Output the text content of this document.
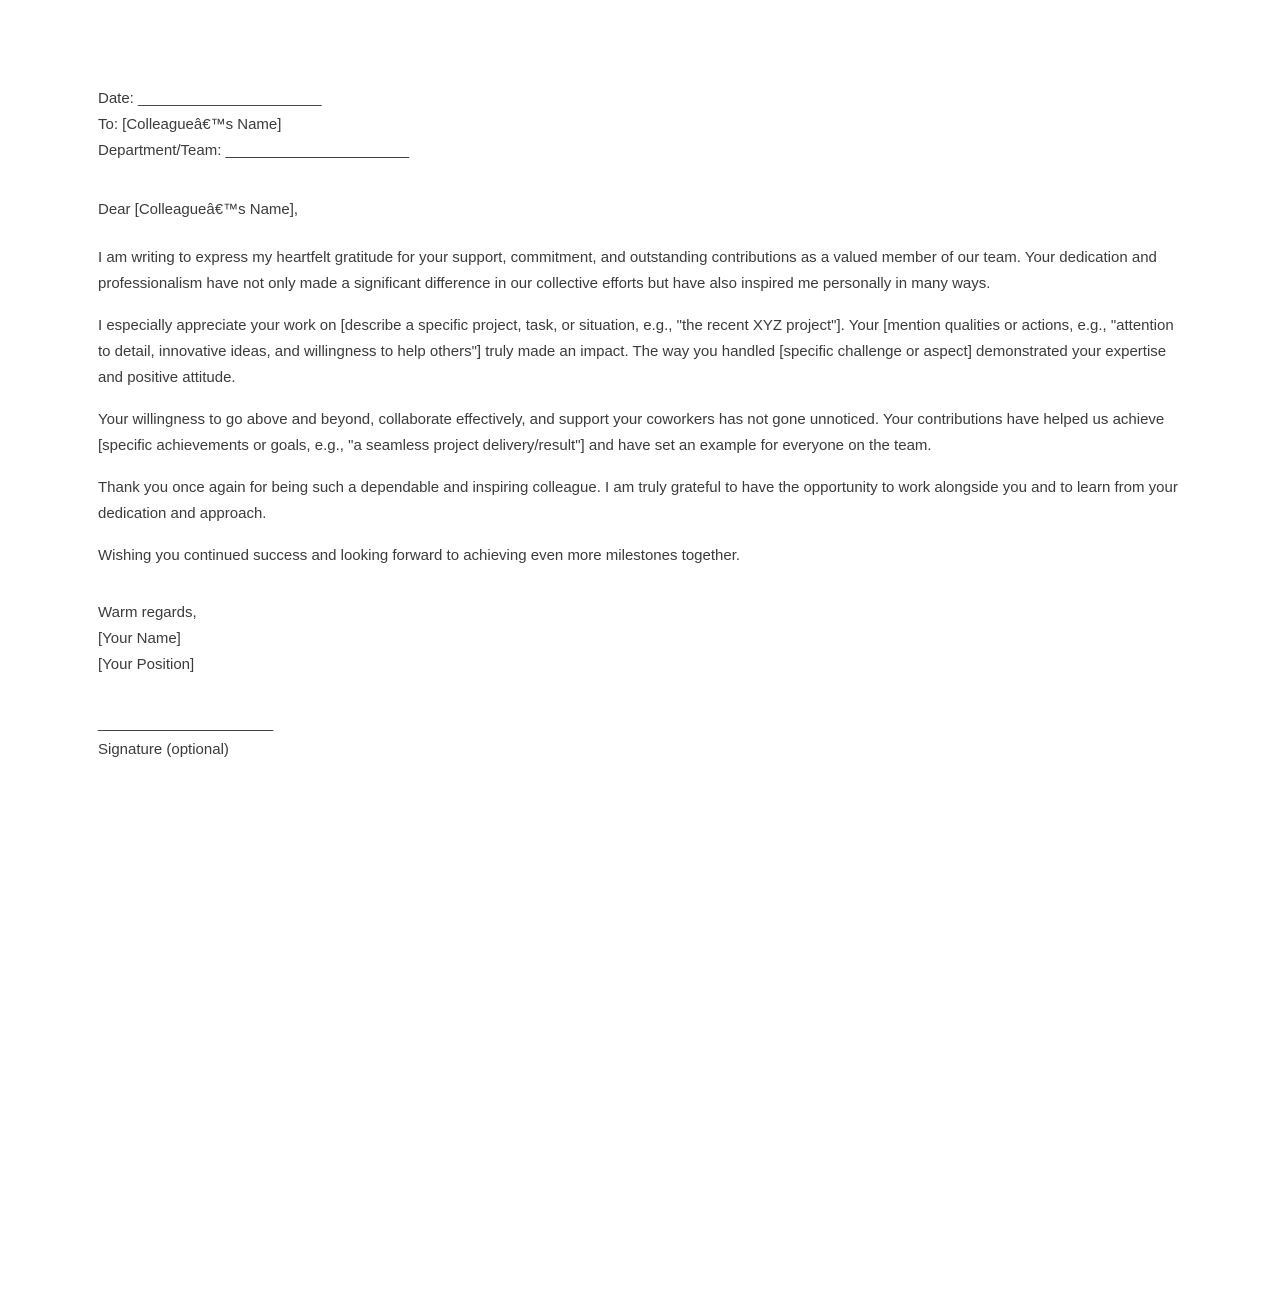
Date: ______________________

To: [Colleagueâ€™s Name]

Department/Team: ______________________

Dear [Colleagueâ€™s Name],

I am writing to express my heartfelt gratitude for your support, commitment, and outstanding contributions as a valued member of our team. Your dedication and professionalism have not only made a significant difference in our collective efforts but have also inspired me personally in many ways.

I especially appreciate your work on [describe a specific project, task, or situation, e.g., "the recent XYZ project"]. Your [mention qualities or actions, e.g., "attention to detail, innovative ideas, and willingness to help others"] truly made an impact. The way you handled [specific challenge or aspect] demonstrated your expertise and positive attitude.

Your willingness to go above and beyond, collaborate effectively, and support your coworkers has not gone unnoticed. Your contributions have helped us achieve [specific achievements or goals, e.g., "a seamless project delivery/result"] and have set an example for everyone on the team.

Thank you once again for being such a dependable and inspiring colleague. I am truly grateful to have the opportunity to work alongside you and to learn from your dedication and approach.

Wishing you continued success and looking forward to achieving even more milestones together.

Warm regards,

[Your Name]

[Your Position]

_____________________

Signature (optional)
